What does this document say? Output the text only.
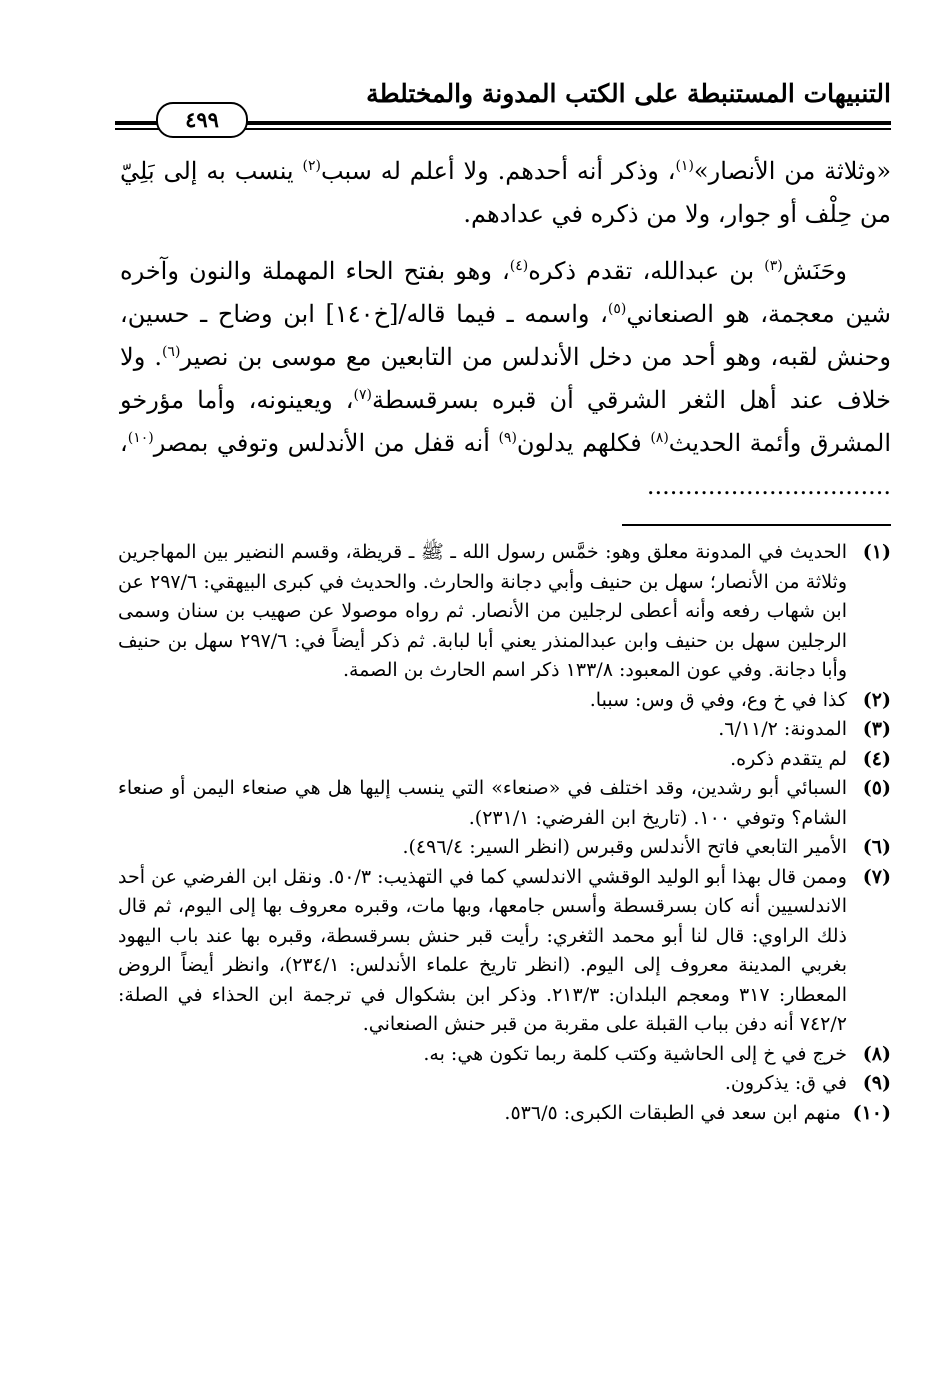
التنبيهات المستنبطة على الكتب المدونة والمختلطة
٤٩٩

«وثلاثة من الأنصار»$^{(١)}$، وذكر أنه أحدهم. ولا أعلم له سبب$^{(٢)}$ ينسب به إلى بَلِيّ من حِلْف أو جوار، ولا من ذكره في عدادهم.

وحَنَش$^{(٣)}$ بن عبدالله، تقدم ذكره$^{(٤)}$، وهو بفتح الحاء المهملة والنون وآخره شين معجمة، هو الصنعاني$^{(٥)}$، واسمه ـ فيما قاله/[خ١٤٠] ابن وضاح ـ حسين، وحنش لقبه، وهو أحد من دخل الأندلس من التابعين مع موسى بن نصير$^{(٦)}$. ولا خلاف عند أهل الثغر الشرقي أن قبره بسرقسطة$^{(٧)}$، ويعينونه، وأما مؤرخو المشرق وأئمة الحديث$^{(٨)}$ فكلهم يدلون$^{(٩)}$ أنه قفل من الأندلس وتوفي بمصر$^{(١٠)}$، ................................

(١)
الحديث في المدونة معلق وهو: خمَّس رسول الله ـ ﷺ ـ قريظة، وقسم النضير بين المهاجرين وثلاثة من الأنصار؛ سهل بن حنيف وأبي دجانة والحارث. والحديث في كبرى البيهقي: ٢٩٧/٦ عن ابن شهاب رفعه وأنه أعطى لرجلين من الأنصار. ثم رواه موصولا عن صهيب بن سنان وسمى الرجلين سهل بن حنيف وابن عبدالمنذر يعني أبا لبابة. ثم ذكر أيضاً في: ٢٩٧/٦ سهل بن حنيف وأبا دجانة. وفي عون المعبود: ١٣٣/٨ ذكر اسم الحارث بن الصمة.
(٢)
كذا في خ وع، وفي ق وس: سببا.
(٣)
المدونة: ٦/١١/٢.
(٤)
لم يتقدم ذكره.
(٥)
السبائي أبو رشدين، وقد اختلف في «صنعاء» التي ينسب إليها هل هي صنعاء اليمن أو صنعاء الشام؟ وتوفي ١٠٠. (تاريخ ابن الفرضي: ٢٣١/١).
(٦)
الأمير التابعي فاتح الأندلس وقبرس (انظر السير: ٤٩٦/٤).
(٧)
وممن قال بهذا أبو الوليد الوقشي الاندلسي كما في التهذيب: ٥٠/٣. ونقل ابن الفرضي عن أحد الاندلسيين أنه كان بسرقسطة وأسس جامعها، وبها مات، وقبره معروف بها إلى اليوم، ثم قال ذلك الراوي: قال لنا أبو محمد الثغري: رأيت قبر حنش بسرقسطة، وقبره بها عند باب اليهود بغربي المدينة معروف إلى اليوم. (انظر تاريخ علماء الأندلس: ٢٣٤/١)، وانظر أيضاً الروض المعطار: ٣١٧ ومعجم البلدان: ٢١٣/٣. وذكر ابن بشكوال في ترجمة ابن الحذاء في الصلة: ٧٤٢/٢ أنه دفن بباب القبلة على مقربة من قبر حنش الصنعاني.
(٨)
خرج في خ إلى الحاشية وكتب كلمة ربما تكون هي: به.
(٩)
في ق: يذكرون.
(١٠)
منهم ابن سعد في الطبقات الكبرى: ٥٣٦/٥.
